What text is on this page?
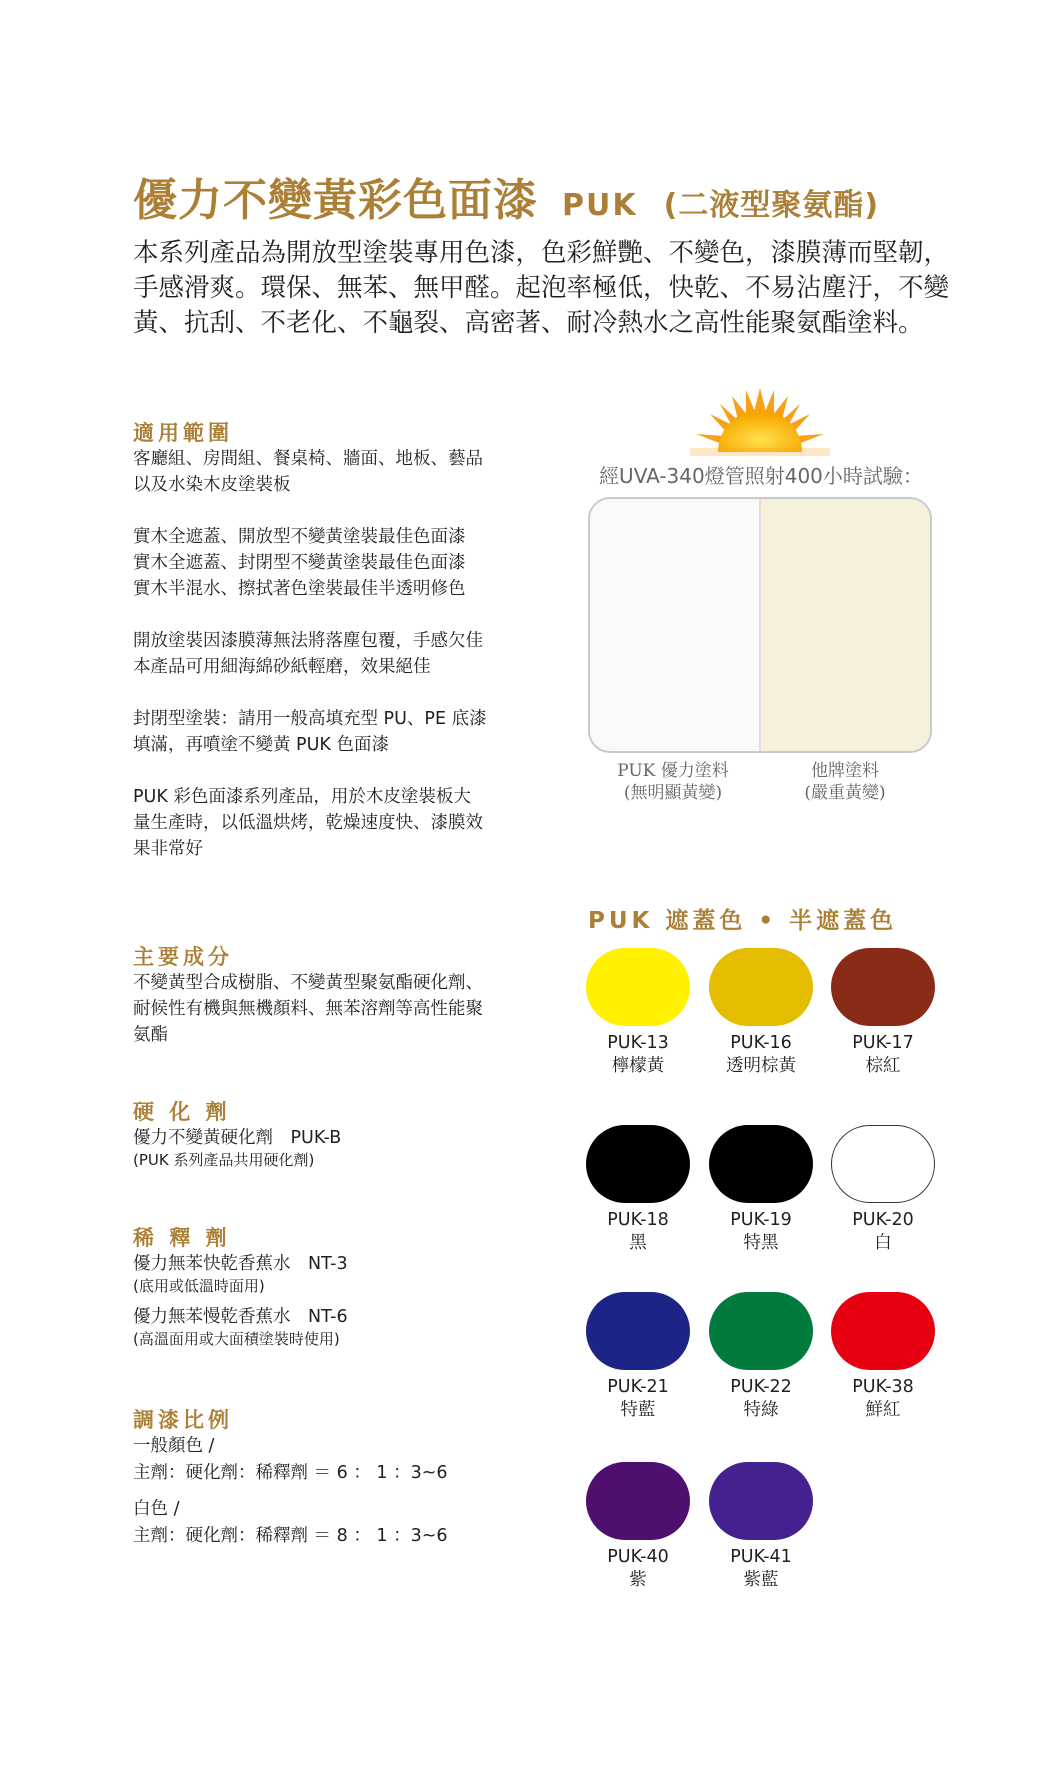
優力不變黃彩色面漆 PUK (二液型聚氨酯)
本系列產品為開放型塗裝專用色漆，色彩鮮艷、不變色，漆膜薄而堅韌，
手感滑爽。環保、無苯、無甲醛。起泡率極低，快乾、不易沾塵汙，不變
黃、抗刮、不老化、不龜裂、高密著、耐冷熱水之高性能聚氨酯塗料。
適用範圍
客廳組、房間組、餐桌椅、牆面、地板、藝品
以及水染木皮塗裝板
實木全遮蓋、開放型不變黃塗裝最佳色面漆
實木全遮蓋、封閉型不變黃塗裝最佳色面漆
實木半混水、擦拭著色塗裝最佳半透明修色
開放塗裝因漆膜薄無法將落塵包覆，手感欠佳
本產品可用細海綿砂紙輕磨，效果絕佳
封閉型塗裝：請用一般高填充型 PU、PE 底漆
填滿，再噴塗不變黃 PUK 色面漆
PUK 彩色面漆系列產品，用於木皮塗裝板大
量生產時，以低溫烘烤，乾燥速度快、漆膜效
果非常好
主要成分
不變黃型合成樹脂、不變黃型聚氨酯硬化劑、
耐候性有機與無機顏料、無苯溶劑等高性能聚
氨酯
硬 化 劑
優力不變黃硬化劑　PUK-B
(PUK 系列產品共用硬化劑)
稀 釋 劑
優力無苯快乾香蕉水　NT-3
(底用或低溫時面用)
優力無苯慢乾香蕉水　NT-6
(高溫面用或大面積塗裝時使用)
調漆比例
一般顏色 /
主劑：硬化劑：稀釋劑 ＝ 6 ： 1 ：3~6
白色 /
主劑：硬化劑：稀釋劑 ＝ 8 ： 1 ：3~6
經UVA-340燈管照射400小時試驗：
PUK 優力塗料
(無明顯黃變)
他牌塗料
(嚴重黃變)
PUK 遮蓋色 • 半遮蓋色
PUK-13
檸檬黃
PUK-16
透明棕黃
PUK-17
棕紅
PUK-18
黑
PUK-19
特黑
PUK-20
白
PUK-21
特藍
PUK-22
特綠
PUK-38
鮮紅
PUK-40
紫
PUK-41
紫藍
